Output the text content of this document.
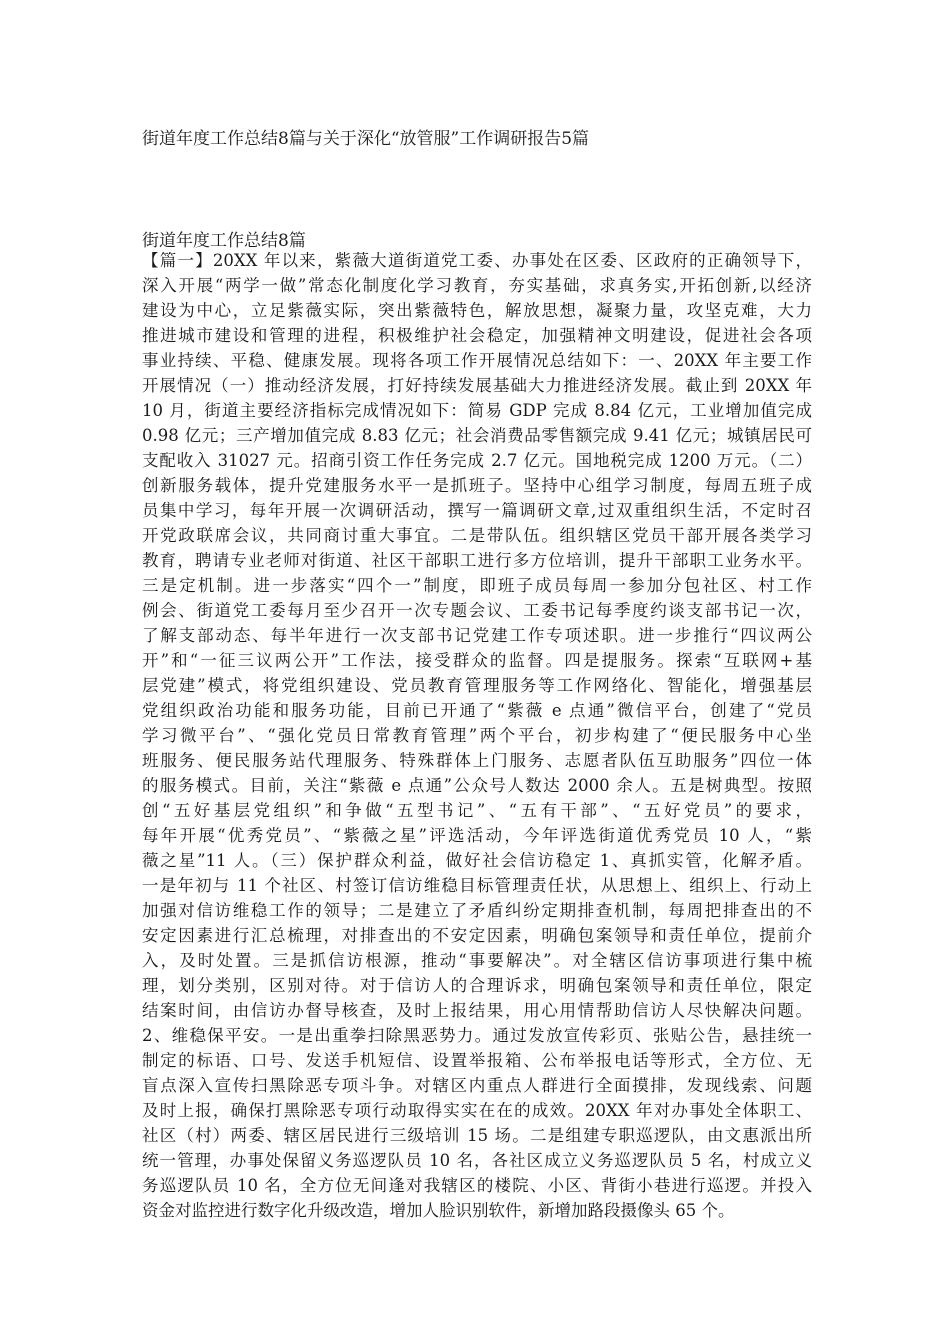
街道年度工作总结8篇与关于深化“放管服”工作调研报告5篇
街道年度工作总结8篇
【篇一】20XX 年以来，紫薇大道街道党工委、办事处在区委、区政府的正确领导下，
深入开展“两学一做”常态化制度化学习教育，夯实基础，求真务实,开拓创新,以经济
建设为中心，立足紫薇实际，突出紫薇特色，解放思想，凝聚力量，攻坚克难，大力
推进城市建设和管理的进程，积极维护社会稳定，加强精神文明建设，促进社会各项
事业持续、平稳、健康发展。现将各项工作开展情况总结如下：一、20XX 年主要工作
开展情况（一）推动经济发展，打好持续发展基础大力推进经济发展。截止到 20XX 年
10 月，街道主要经济指标完成情况如下：简易 GDP 完成 8.84 亿元，工业增加值完成
0.98 亿元；三产增加值完成 8.83 亿元；社会消费品零售额完成 9.41 亿元；城镇居民可
支配收入 31027 元。招商引资工作任务完成 2.7 亿元。国地税完成 1200 万元。（二）
创新服务载体，提升党建服务水平一是抓班子。坚持中心组学习制度，每周五班子成
员集中学习，每年开展一次调研活动，撰写一篇调研文章,过双重组织生活，不定时召
开党政联席会议，共同商讨重大事宜。二是带队伍。组织辖区党员干部开展各类学习
教育，聘请专业老师对街道、社区干部职工进行多方位培训，提升干部职工业务水平。
三是定机制。进一步落实“四个一”制度，即班子成员每周一参加分包社区、村工作
例会、街道党工委每月至少召开一次专题会议、工委书记每季度约谈支部书记一次，
了解支部动态、每半年进行一次支部书记党建工作专项述职。进一步推行“四议两公
开”和“一征三议两公开”工作法，接受群众的监督。四是提服务。探索“互联网+基
层党建”模式，将党组织建设、党员教育管理服务等工作网络化、智能化，增强基层
党组织政治功能和服务功能，目前已开通了“紫薇 e 点通”微信平台，创建了“党员
学习微平台”、“强化党员日常教育管理”两个平台，初步构建了“便民服务中心坐
班服务、便民服务站代理服务、特殊群体上门服务、志愿者队伍互助服务”四位一体
的服务模式。目前，关注“紫薇 e 点通”公众号人数达 2000 余人。五是树典型。按照
创“五好基层党组织”和争做“五型书记”、“五有干部”、“五好党员”的要求，
每年开展“优秀党员”、“紫薇之星”评选活动，今年评选街道优秀党员 10 人，“紫
薇之星”11 人。（三）保护群众利益，做好社会信访稳定 1、真抓实管，化解矛盾。
一是年初与 11 个社区、村签订信访维稳目标管理责任状，从思想上、组织上、行动上
加强对信访维稳工作的领导；二是建立了矛盾纠纷定期排查机制，每周把排查出的不
安定因素进行汇总梳理，对排查出的不安定因素，明确包案领导和责任单位，提前介
入，及时处置。三是抓信访根源，推动“事要解决”。对全辖区信访事项进行集中梳
理，划分类别，区别对待。对于信访人的合理诉求，明确包案领导和责任单位，限定
结案时间，由信访办督导核查，及时上报结果，用心用情帮助信访人尽快解决问题。
2、维稳保平安。一是出重拳扫除黑恶势力。通过发放宣传彩页、张贴公告，悬挂统一
制定的标语、口号、发送手机短信、设置举报箱、公布举报电话等形式，全方位、无
盲点深入宣传扫黑除恶专项斗争。对辖区内重点人群进行全面摸排，发现线索、问题
及时上报，确保打黑除恶专项行动取得实实在在的成效。20XX 年对办事处全体职工、
社区（村）两委、辖区居民进行三级培训 15 场。二是组建专职巡逻队，由文惠派出所
统一管理，办事处保留义务巡逻队员 10 名，各社区成立义务巡逻队员 5 名，村成立义
务巡逻队员 10 名，全方位无间逢对我辖区的楼院、小区、背街小巷进行巡逻。并投入
资金对监控进行数字化升级改造，增加人脸识别软件，新增加路段摄像头 65 个。
